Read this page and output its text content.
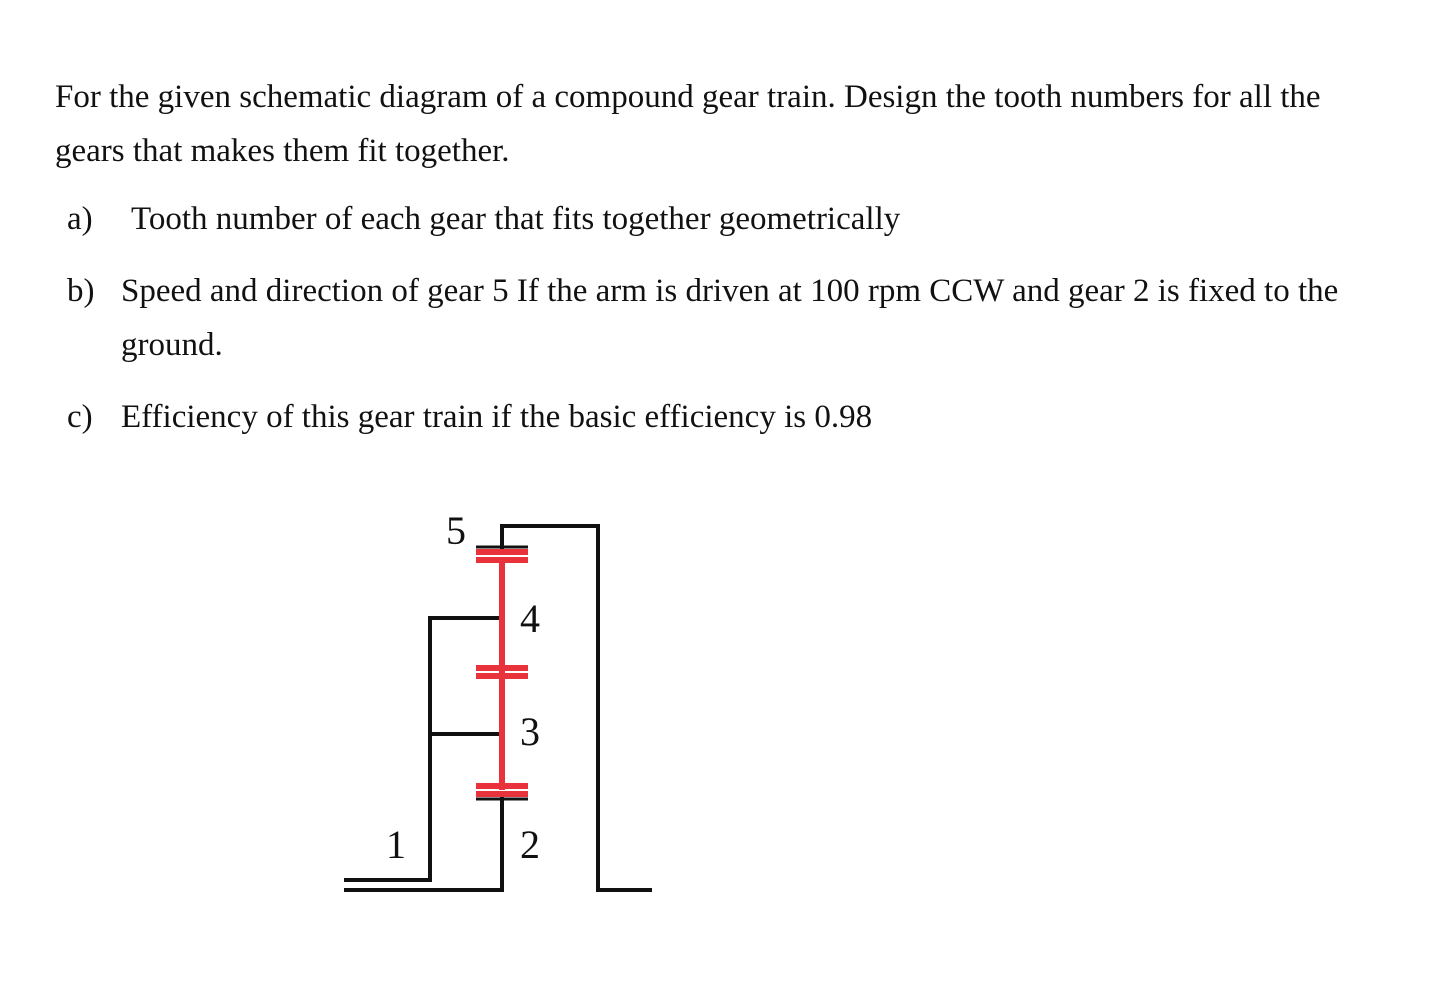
For the given schematic diagram of a compound gear train. Design the tooth numbers for all the gears that makes them fit together.

a)	Tooth number of each gear that fits together geometrically
b) Speed and direction of gear 5 If the arm is driven at 100 rpm CCW and gear 2 is fixed to the ground.
c) Efficiency of this gear train if the basic efficiency is 0.98
5
4
3
2
1
